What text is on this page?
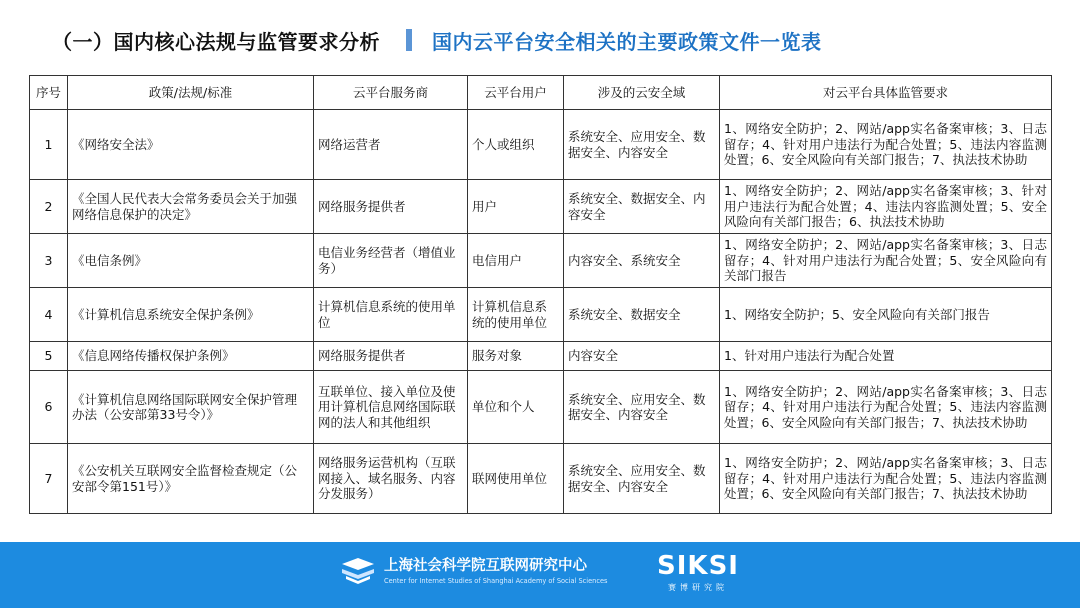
（一）国内核心法规与监管要求分析	国内云平台安全相关的主要政策文件一览表
序号	政策/法规/标准	云平台服务商	云平台用户	涉及的云安全域	对云平台具体监管要求
1	《网络安全法》	网络运营者	个人或组织	系统安全、应用安全、数据安全、内容安全	1、网络安全防护；2、网站/app实名备案审核；3、日志留存；4、针对用户违法行为配合处置；5、违法内容监测处置；6、安全风险向有关部门报告；7、执法技术协助
2	《全国人民代表大会常务委员会关于加强网络信息保护的决定》	网络服务提供者	用户	系统安全、数据安全、内容安全	1、网络安全防护；2、网站/app实名备案审核；3、针对用户违法行为配合处置；4、违法内容监测处置；5、安全风险向有关部门报告；6、执法技术协助
3	《电信条例》	电信业务经营者（增值业务）	电信用户	内容安全、系统安全	1、网络安全防护；2、网站/app实名备案审核；3、日志留存；4、针对用户违法行为配合处置；5、安全风险向有关部门报告
4	《计算机信息系统安全保护条例》	计算机信息系统的使用单位	计算机信息系统的使用单位	系统安全、数据安全	1、网络安全防护；5、安全风险向有关部门报告
5	《信息网络传播权保护条例》	网络服务提供者	服务对象	内容安全	1、针对用户违法行为配合处置
6	《计算机信息网络国际联网安全保护管理办法（公安部第33号令）》	互联单位、接入单位及使用计算机信息网络国际联网的法人和其他组织	单位和个人	系统安全、应用安全、数据安全、内容安全	1、网络安全防护；2、网站/app实名备案审核；3、日志留存；4、针对用户违法行为配合处置；5、违法内容监测处置；6、安全风险向有关部门报告；7、执法技术协助
7	《公安机关互联网安全监督检查规定（公安部令第151号）》	网络服务运营机构（互联网接入、域名服务、内容分发服务）	联网使用单位	系统安全、应用安全、数据安全、内容安全	1、网络安全防护；2、网站/app实名备案审核；3、日志留存；4、针对用户违法行为配合处置；5、违法内容监测处置；6、安全风险向有关部门报告；7、执法技术协助
上海社会科学院互联网研究中心
Center for Internet Studies of Shanghai Academy of Social Sciences SIKSI
赛博研究院
